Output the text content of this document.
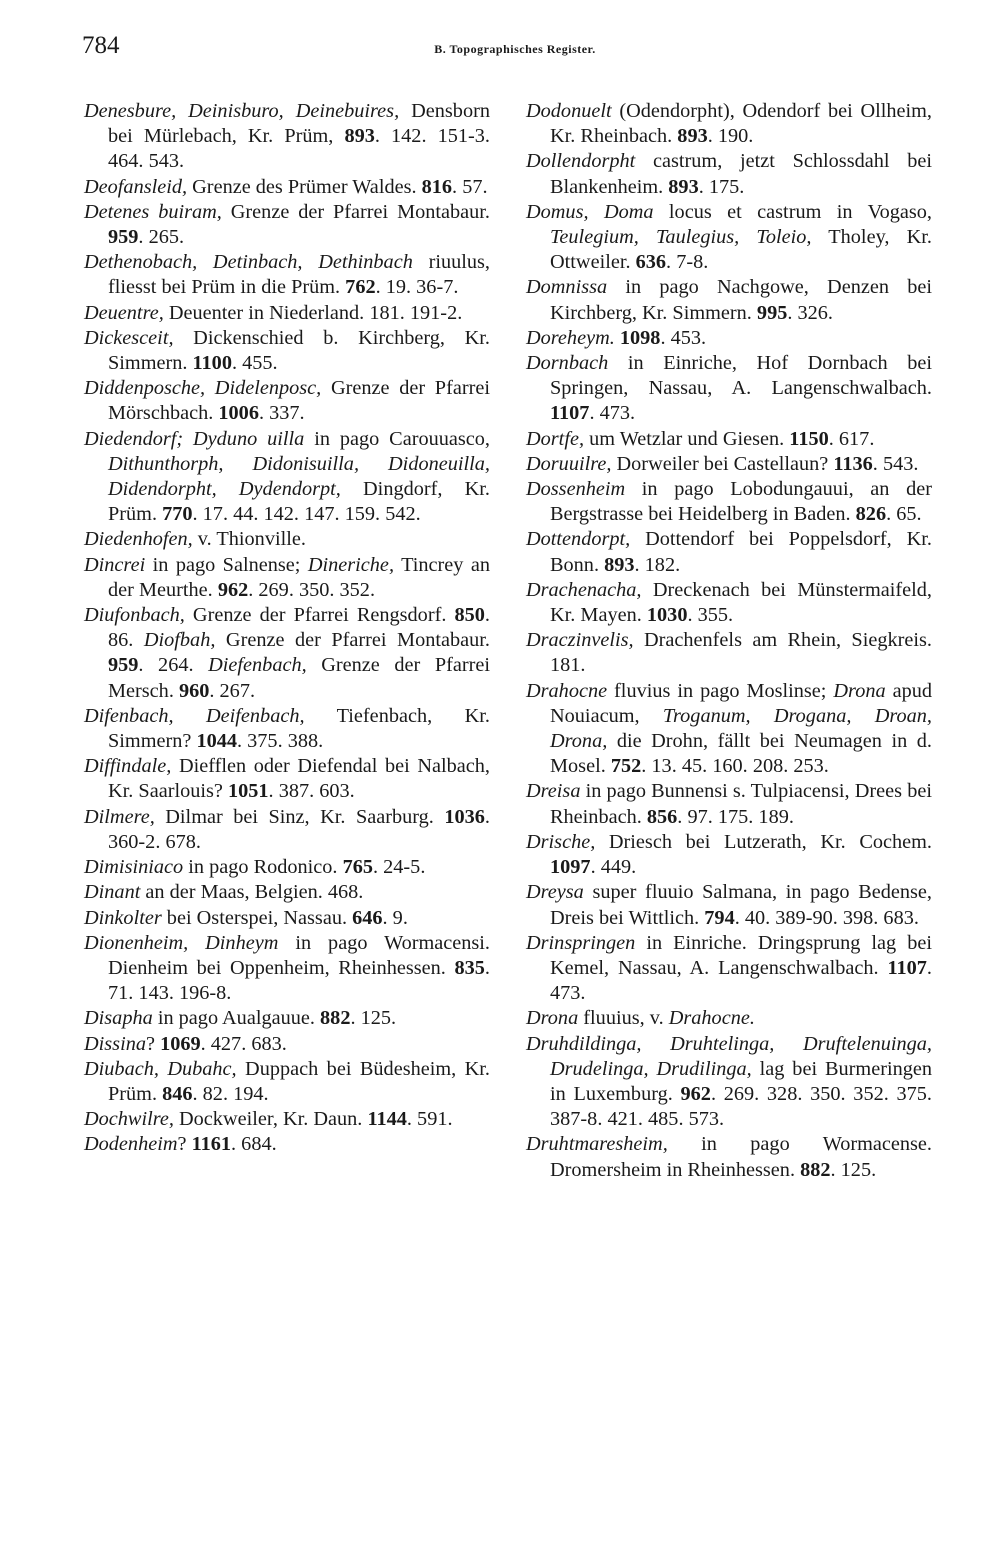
784	B. Topographisches Register.
Denesbure, Deinisburo, Deinebuires, Densborn bei Mürlebach, Kr. Prüm, 893. 142. 151-3. 464. 543.
Deofansleid, Grenze des Prümer Waldes. 816. 57.
Detenes buiram, Grenze der Pfarrei Montabaur. 959. 265.
Dethenobach, Detinbach, Dethinbach riuulus, fliesst bei Prüm in die Prüm. 762. 19. 36-7.
Deuentre, Deuenter in Niederland. 181. 191-2.
Dickesceit, Dickenschied b. Kirchberg, Kr. Simmern. 1100. 455.
Diddenposche, Didelenposc, Grenze der Pfarrei Mörschbach. 1006. 337.
Diedendorf; Dyduno uilla in pago Carouuasco, Dithunthorph, Didonisuilla, Didoneuilla, Didendorpht, Dydendorpt, Dingdorf, Kr. Prüm. 770. 17. 44. 142. 147. 159. 542.
Diedenhofen, v. Thionville.
Dincrei in pago Salnense; Dineriche, Tincrey an der Meurthe. 962. 269. 350. 352.
Diufonbach, Grenze der Pfarrei Rengsdorf. 850. 86. Diofbah, Grenze der Pfarrei Montabaur. 959. 264. Diefenbach, Grenze der Pfarrei Mersch. 960. 267.
Difenbach, Deifenbach, Tiefenbach, Kr. Simmern? 1044. 375. 388.
Diffindale, Diefflen oder Diefendal bei Nalbach, Kr. Saarlouis? 1051. 387. 603.
Dilmere, Dilmar bei Sinz, Kr. Saarburg. 1036. 360-2. 678.
Dimisiniaco in pago Rodonico. 765. 24-5.
Dinant an der Maas, Belgien. 468.
Dinkolter bei Osterspei, Nassau. 646. 9.
Dionenheim, Dinheym in pago Wormacensi. Dienheim bei Oppenheim, Rheinhessen. 835. 71. 143. 196-8.
Disapha in pago Aualgauue. 882. 125.
Dissina? 1069. 427. 683.
Diubach, Dubahc, Duppach bei Büdesheim, Kr. Prüm. 846. 82. 194.
Dochwilre, Dockweiler, Kr. Daun. 1144. 591.
Dodenheim? 1161. 684.
Dodonuelt (Odendorpht), Odendorf bei Ollheim, Kr. Rheinbach. 893. 190.
Dollendorpht castrum, jetzt Schlossdahl bei Blankenheim. 893. 175.
Domus, Doma locus et castrum in Vogaso, Teulegium, Taulegius, Toleio, Tholey, Kr. Ottweiler. 636. 7-8.
Domnissa in pago Nachgowe, Denzen bei Kirchberg, Kr. Simmern. 995. 326.
Doreheym. 1098. 453.
Dornbach in Einriche, Hof Dornbach bei Springen, Nassau, A. Langenschwalbach. 1107. 473.
Dortfe, um Wetzlar und Giesen. 1150. 617.
Doruuilre, Dorweiler bei Castellaun? 1136. 543.
Dossenheim in pago Lobodungauui, an der Bergstrasse bei Heidelberg in Baden. 826. 65.
Dottendorpt, Dottendorf bei Poppelsdorf, Kr. Bonn. 893. 182.
Drachenacha, Dreckenach bei Münstermaifeld, Kr. Mayen. 1030. 355.
Draczinvelis, Drachenfels am Rhein, Siegkreis. 181.
Drahocne fluvius in pago Moslinse; Drona apud Nouiacum, Troganum, Drogana, Droan, Drona, die Drohn, fällt bei Neumagen in d. Mosel. 752. 13. 45. 160. 208. 253.
Dreisa in pago Bunnensi s. Tulpiacensi, Drees bei Rheinbach. 856. 97. 175. 189.
Drische, Driesch bei Lutzerath, Kr. Cochem. 1097. 449.
Dreysa super fluuio Salmana, in pago Bedense, Dreis bei Wittlich. 794. 40. 389-90. 398. 683.
Drinspringen in Einriche. Dringsprung lag bei Kemel, Nassau, A. Langenschwalbach. 1107. 473.
Drona fluuius, v. Drahocne.
Druhdildinga, Druhtelinga, Druftelenuinga, Drudelinga, Drudilinga, lag bei Burmeringen in Luxemburg. 962. 269. 328. 350. 352. 375. 387-8. 421. 485. 573.
Druhtmaresheim, in pago Wormacense. Dromersheim in Rheinhessen. 882. 125.
